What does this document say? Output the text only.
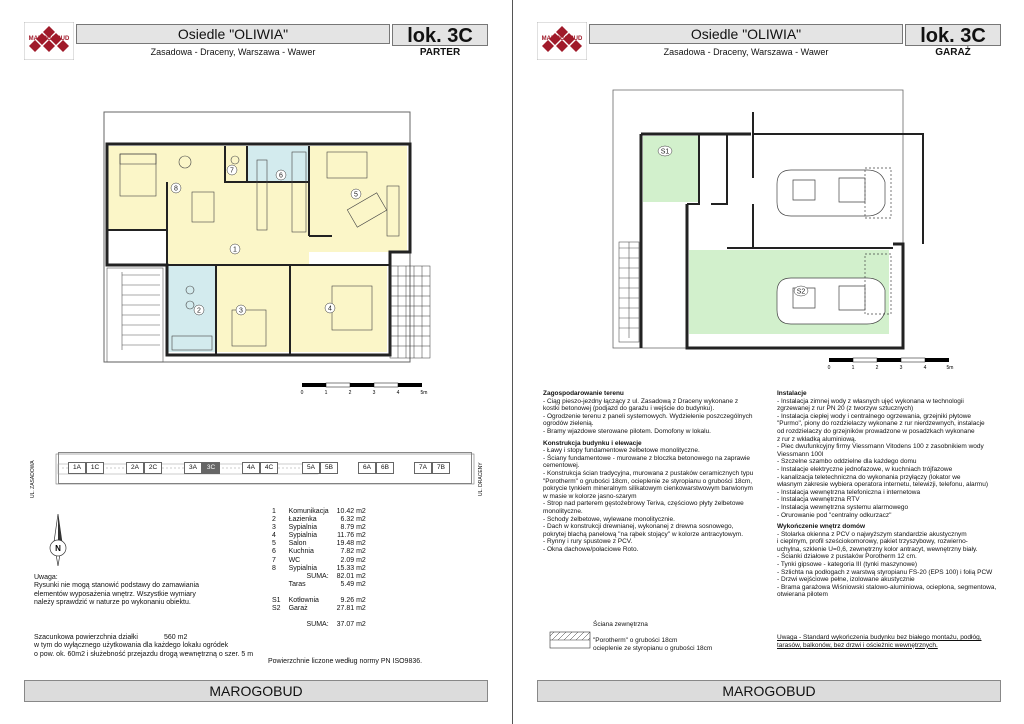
MAROGOBUD	Osiedle "OLIWIA"
Zasadowa - Draceny, Warszawa - Wawer
lok. 3C
PARTER
1
2	3	4
5
6
7
8
0	1	2	3	4	5m
UL. ZASADOWA	UL. DRACENY
1A	1C	2A	2C	3A	3C	4A	4C	5A	5B	6A	6B	7A	7B
N
Uwaga:
Rysunki nie mogą stanowić podstawy do zamawiania
elementów wyposażenia wnętrz. Wszystkie wymiary
należy sprawdzić w naturze po wykonaniu obiektu.
Szacunkowa powierzchnia działki	560 m2
w tym do wyłącznego użytkowania dla każdego lokalu ogródek
o pow. ok. 60m2 i służebność przejazdu drogą wewnętrzną o szer. 5 m
1	Komunikacja	10.42 m2
2	Łazienka	6.32 m2
3	Sypialnia	8.79 m2
4	Sypialnia	11.76 m2
5	Salon	19.48 m2
6	Kuchnia	7.82 m2
7	WC	2.09 m2
8	Sypialnia	15.33 m2
	SUMA:	82.01 m2
	Taras	5.49 m2

S1	Kotłownia	9.26 m2
S2	Garaż	27.81 m2

	SUMA:	37.07 m2
Powierzchnie liczone według normy PN ISO9836.
MAROGOBUD
MAROGOBUD	Osiedle "OLIWIA"
Zasadowa - Draceny, Warszawa - Wawer
lok. 3C
GARAŻ
S1
S2
0	1	2	3	4	5m
Zagospodarowanie terenu
- Ciąg pieszo-jezdny łączący z ul. Zasadową z Draceny wykonane z
kostki betonowej (podjazd do garażu i wejście do budynku).
- Ogrodzenie terenu z paneli systemowych. Wydzielenie poszczególnych
ogrodów zielenią.
- Bramy wjazdowe sterowane pilotem. Domofony w lokalu.
Konstrukcja budynku i elewacje
- Ławy i stopy fundamentowe żelbetowe monolityczne.
- Ściany fundamentowe - murowane z bloczka betonowego na zaprawie
cementowej.
- Konstrukcja ścian tradycyjna, murowana z pustaków ceramicznych typu
"Porotherm" o grubości 18cm, ocieplenie ze styropianu o grubości 18cm,
pokrycie tynkiem mineralnym silikatowym cienkowarstwowym barwionym
w masie w kolorze jasno-szarym
- Strop nad parterem gęstożebrowy Teriva, częściowo płyty żelbetowe
monolityczne.
- Schody żelbetowe, wylewane monolitycznie.
- Dach w konstrukcji drewnianej, wykonanej z drewna sosnowego,
pokrytej blachą panelową "na rąbek stojący" w kolorze antracytowym.
- Rynny i rury spustowe z PCV.
- Okna dachowe/połaciowe Roto.
Instalacje
- Instalacja zimnej wody z własnych ujęć wykonana w technologii
zgrzewanej z rur PN 20 (z tworzyw sztucznych)
- Instalacja ciepłej wody i centralnego ogrzewania, grzejniki płytowe
"Purmo", piony do rozdzielaczy wykonane z rur nierdzewnych, instalacje
od rozdzielaczy do grzejników prowadzone w posadzkach wykonane
z rur z wkładką aluminiową.
- Piec dwufunkcyjny firmy Viessmann Vitodens 100 z zasobnikiem wody
Viessmann 100l
- Szczelne szambo oddzielne dla każdego domu
- Instalacje elektryczne jednofazowe, w kuchniach trójfazowe
- kanalizacja teletechniczna do wykonania przyłączy (lokator we
własnym zakresie wybiera operatora internetu, telewizji, telefonu, alarmu)
- Instalacja wewnętrzna telefoniczna i internetowa
- Instalacja wewnętrzna RTV
- Instalacja wewnętrzna systemu alarmowego
- Orurowanie pod "centralny odkurzacz"
Wykończenie wnętrz domów
- Stolarka okienna z PCV o najwyższym standardzie akustycznym
i cieplnym, profil sześciokomorowy, pakiet trzyszybowy, rozwierno-
uchylna, szklenie U=0,6, zewnętrzny kolor antracyt, wewnętrzny biały.
- Ścianki działowe z pustaków Porotherm 12 cm.
- Tynki gipsowe - kategoria III (tynki maszynowe)
- Szlichta na podłogach z warstwą styropianu FS-20 (EPS 100) i folią PCW
- Drzwi wejściowe pełne, izolowane akustycznie
- Brama garażowa Wiśniowski stalowo-aluminiowa, ocieplona, segmentowa,
otwierana pilotem
Ściana zewnętrzna
"Porotherm" o grubości 18cm
ocieplenie ze styropianu o grubości 18cm
Uwaga - Standard wykończenia budynku bez białego montażu, podłóg,
tarasów, balkonów, bez drzwi i ościeżnic wewnętrznych.
MAROGOBUD
